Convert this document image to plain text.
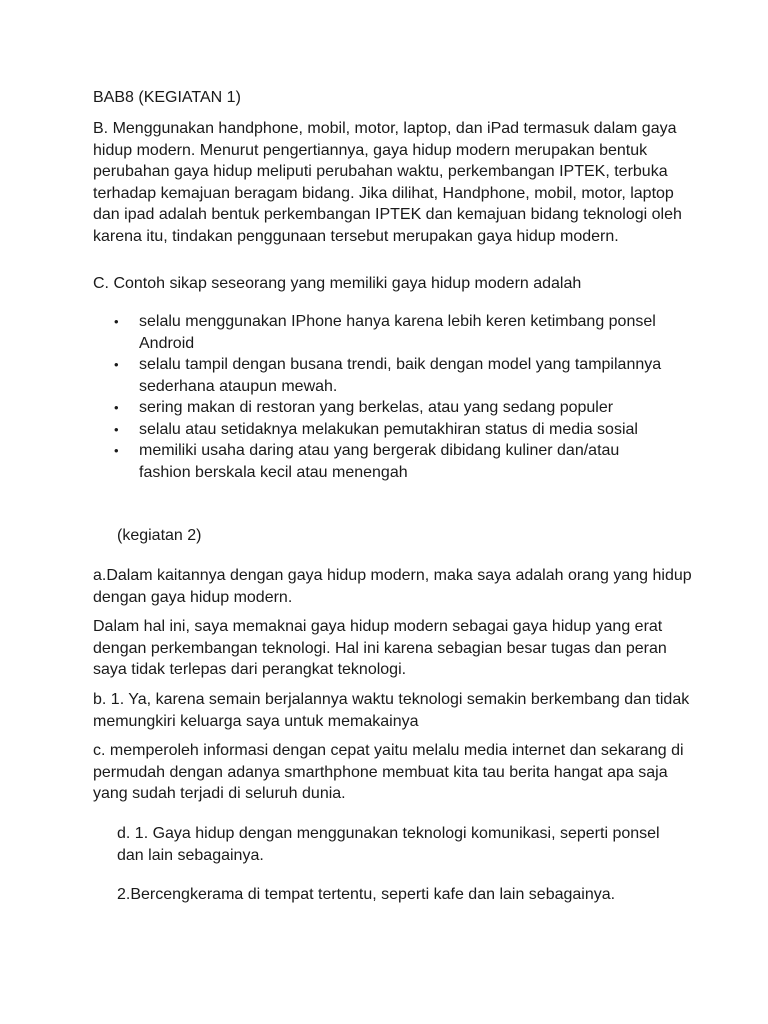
BAB8 (KEGIATAN 1)

B. Menggunakan handphone, mobil, motor, laptop, dan iPad termasuk dalam gaya hidup modern. Menurut pengertiannya, gaya hidup modern merupakan bentuk perubahan gaya hidup meliputi perubahan waktu, perkembangan IPTEK, terbuka terhadap kemajuan beragam bidang. Jika dilihat, Handphone, mobil, motor, laptop dan ipad adalah bentuk perkembangan IPTEK dan kemajuan bidang teknologi oleh karena itu, tindakan penggunaan tersebut merupakan gaya hidup modern.

C. Contoh sikap seseorang yang memiliki gaya hidup modern adalah

• selalu menggunakan IPhone hanya karena lebih keren ketimbang ponsel Android
• selalu tampil dengan busana trendi, baik dengan model yang tampilannya sederhana ataupun mewah.
• sering makan di restoran yang berkelas, atau yang sedang populer
• selalu atau setidaknya melakukan pemutakhiran status di media sosial
• memiliki usaha daring atau yang bergerak dibidang kuliner dan/atau fashion berskala kecil atau menengah

(kegiatan 2)

a.Dalam kaitannya dengan gaya hidup modern, maka saya adalah orang yang hidup dengan gaya hidup modern.

Dalam hal ini, saya memaknai gaya hidup modern sebagai gaya hidup yang erat dengan perkembangan teknologi. Hal ini karena sebagian besar tugas dan peran saya tidak terlepas dari perangkat teknologi.

b. 1. Ya, karena semain berjalannya waktu teknologi semakin berkembang dan tidak memungkiri keluarga saya untuk memakainya

c. memperoleh informasi dengan cepat yaitu melalu media internet dan sekarang di permudah dengan adanya smarthphone membuat kita tau berita hangat apa saja yang sudah terjadi di seluruh dunia.

d. 1. Gaya hidup dengan menggunakan teknologi komunikasi, seperti ponsel dan lain sebagainya.

2.Bercengkerama di tempat tertentu, seperti kafe dan lain sebagainya.
